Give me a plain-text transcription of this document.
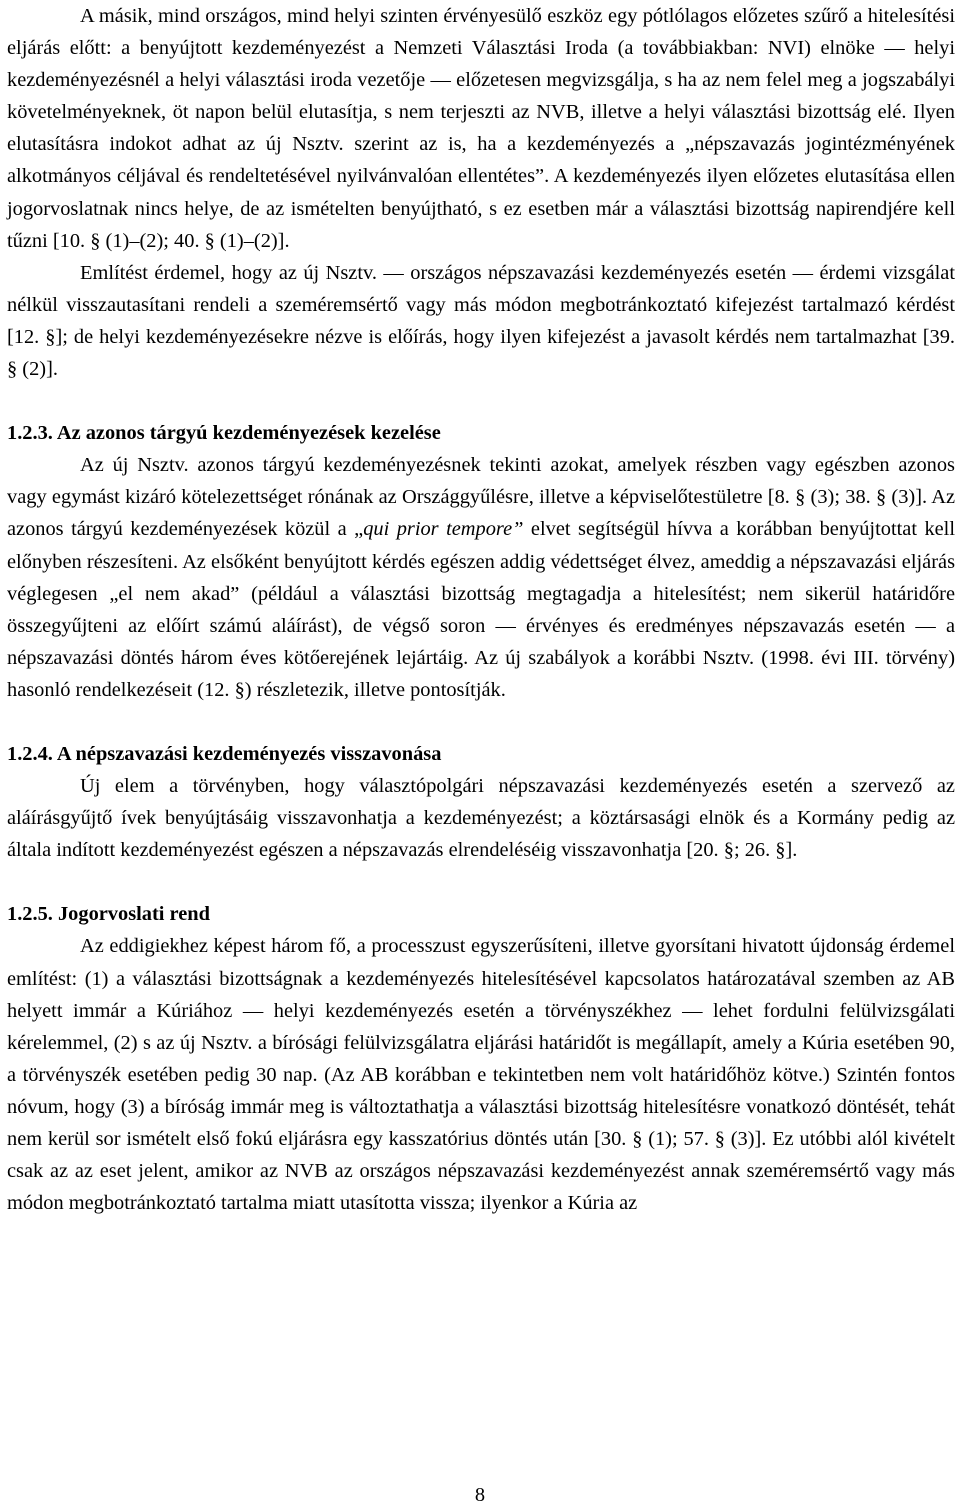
A másik, mind országos, mind helyi szinten érvényesülő eszköz egy pótlólagos előzetes szűrő a hitelesítési eljárás előtt: a benyújtott kezdeményezést a Nemzeti Választási Iroda (a továbbiakban: NVI) elnöke — helyi kezdeményezésnél a helyi választási iroda vezetője — előzetesen megvizsgálja, s ha az nem felel meg a jogszabályi követelményeknek, öt napon belül elutasítja, s nem terjeszti az NVB, illetve a helyi választási bizottság elé. Ilyen elutasításra indokot adhat az új Nsztv. szerint az is, ha a kezdeményezés a „népszavazás jogintézményének alkotmányos céljával és rendeltetésével nyilvánvalóan ellentétes”. A kezdeményezés ilyen előzetes elutasítása ellen jogorvoslatnak nincs helye, de az ismételten benyújtható, s ez esetben már a választási bizottság napirendjére kell tűzni [10. § (1)–(2); 40. § (1)–(2)].

Említést érdemel, hogy az új Nsztv. — országos népszavazási kezdeményezés esetén — érdemi vizsgálat nélkül visszautasítani rendeli a szeméremsértő vagy más módon megbotránkoztató kifejezést tartalmazó kérdést [12. §]; de helyi kezdeményezésekre nézve is előírás, hogy ilyen kifejezést a javasolt kérdés nem tartalmazhat [39. § (2)].

1.2.3. Az azonos tárgyú kezdeményezések kezelése

Az új Nsztv. azonos tárgyú kezdeményezésnek tekinti azokat, amelyek részben vagy egészben azonos vagy egymást kizáró kötelezettséget rónának az Országgyűlésre, illetve a képviselőtestületre [8. § (3); 38. § (3)]. Az azonos tárgyú kezdeményezések közül a „qui prior tempore” elvet segítségül hívva a korábban benyújtottat kell előnyben részesíteni. Az elsőként benyújtott kérdés egészen addig védettséget élvez, ameddig a népszavazási eljárás véglegesen „el nem akad” (például a választási bizottság megtagadja a hitelesítést; nem sikerül határidőre összegyűjteni az előírt számú aláírást), de végső soron — érvényes és eredményes népszavazás esetén — a népszavazási döntés három éves kötőerejének lejártáig. Az új szabályok a korábbi Nsztv. (1998. évi III. törvény) hasonló rendelkezéseit (12. §) részletezik, illetve pontosítják.

1.2.4. A népszavazási kezdeményezés visszavonása

Új elem a törvényben, hogy választópolgári népszavazási kezdeményezés esetén a szervező az aláírásgyűjtő ívek benyújtásáig visszavonhatja a kezdeményezést; a köztársasági elnök és a Kormány pedig az általa indított kezdeményezést egészen a népszavazás elrendeléséig visszavonhatja [20. §; 26. §].

1.2.5. Jogorvoslati rend

Az eddigiekhez képest három fő, a processzust egyszerűsíteni, illetve gyorsítani hivatott újdonság érdemel említést: (1) a választási bizottságnak a kezdeményezés hitelesítésével kapcsolatos határozatával szemben az AB helyett immár a Kúriához — helyi kezdeményezés esetén a törvényszékhez — lehet fordulni felülvizsgálati kérelemmel, (2) s az új Nsztv. a bírósági felülvizsgálatra eljárási határidőt is megállapít, amely a Kúria esetében 90, a törvényszék esetében pedig 30 nap. (Az AB korábban e tekintetben nem volt határidőhöz kötve.) Szintén fontos nóvum, hogy (3) a bíróság immár meg is változtathatja a választási bizottság hitelesítésre vonatkozó döntését, tehát nem kerül sor ismételt első fokú eljárásra egy kasszatórius döntés után [30. § (1); 57. § (3)]. Ez utóbbi alól kivételt csak az az eset jelent, amikor az NVB az országos népszavazási kezdeményezést annak szeméremsértő vagy más módon megbotránkoztató tartalma miatt utasította vissza; ilyenkor a Kúria az

8
